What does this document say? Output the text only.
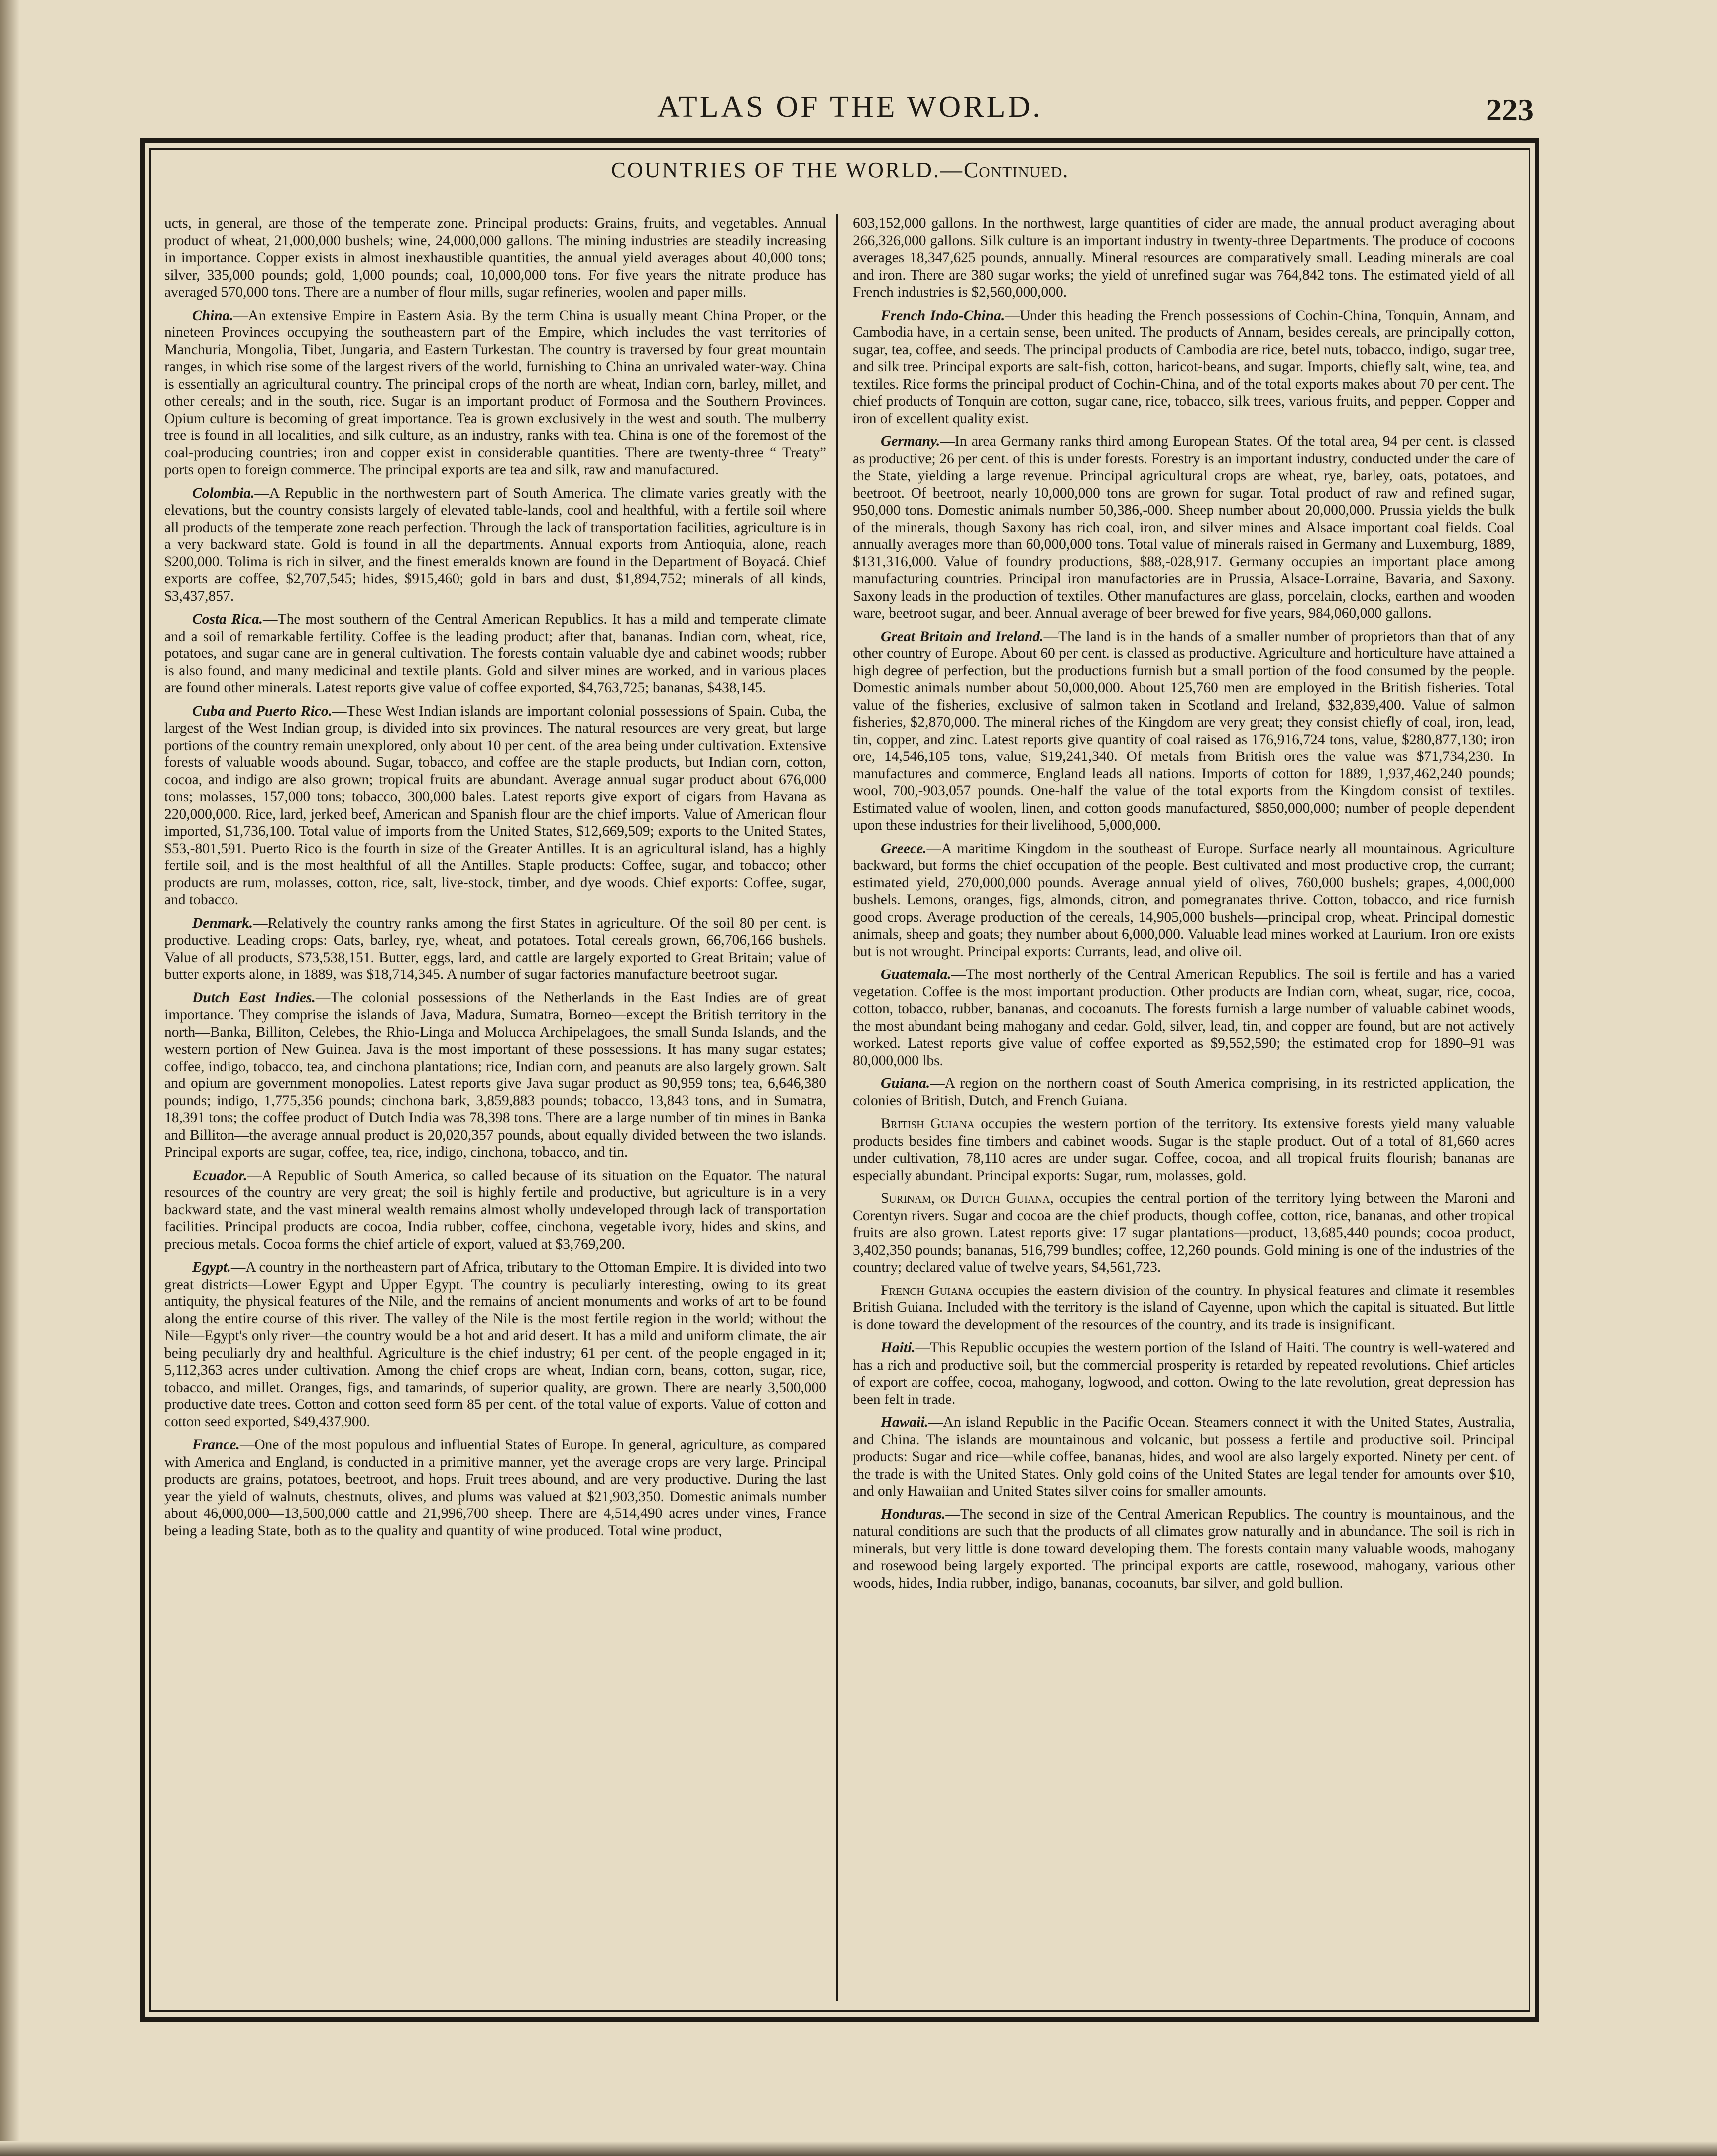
ATLAS OF THE WORLD.	223
COUNTRIES OF THE WORLD.—Continued.

ucts, in general, are those of the temperate zone. Principal products: Grains, fruits, and vegetables. Annual product of wheat, 21,000,000 bushels; wine, 24,000,000 gallons. The mining industries are steadily increasing in importance. Copper exists in almost inexhaustible quantities, the annual yield averages about 40,000 tons; silver, 335,000 pounds; gold, 1,000 pounds; coal, 10,000,000 tons. For five years the nitrate produce has averaged 570,000 tons. There are a number of flour mills, sugar refineries, woolen and paper mills.

China.—An extensive Empire in Eastern Asia. By the term China is usually meant China Proper, or the nineteen Provinces occupying the southeastern part of the Empire, which includes the vast territories of Manchuria, Mongolia, Tibet, Jungaria, and Eastern Turkestan. The country is traversed by four great mountain ranges, in which rise some of the largest rivers of the world, furnishing to China an unrivaled water-way. China is essentially an agricultural country. The principal crops of the north are wheat, Indian corn, barley, millet, and other cereals; and in the south, rice. Sugar is an important product of Formosa and the Southern Provinces. Opium culture is becoming of great importance. Tea is grown exclusively in the west and south. The mulberry tree is found in all localities, and silk culture, as an industry, ranks with tea. China is one of the foremost of the coal-producing countries; iron and copper exist in considerable quantities. There are twenty-three “ Treaty” ports open to foreign commerce. The principal exports are tea and silk, raw and manufactured.

Colombia.—A Republic in the northwestern part of South America. The climate varies greatly with the elevations, but the country consists largely of elevated table-lands, cool and healthful, with a fertile soil where all products of the temperate zone reach perfection. Through the lack of transportation facilities, agriculture is in a very backward state. Gold is found in all the departments. Annual exports from Antioquia, alone, reach $200,000. Tolima is rich in silver, and the finest emeralds known are found in the Department of Boyacá. Chief exports are coffee, $2,707,545; hides, $915,460; gold in bars and dust, $1,894,752; minerals of all kinds, $3,437,857.

Costa Rica.—The most southern of the Central American Republics. It has a mild and temperate climate and a soil of remarkable fertility. Coffee is the leading product; after that, bananas. Indian corn, wheat, rice, potatoes, and sugar cane are in general cultivation. The forests contain valuable dye and cabinet woods; rubber is also found, and many medicinal and textile plants. Gold and silver mines are worked, and in various places are found other minerals. Latest reports give value of coffee exported, $4,763,725; bananas, $438,145.

Cuba and Puerto Rico.—These West Indian islands are important colonial possessions of Spain. Cuba, the largest of the West Indian group, is divided into six provinces. The natural resources are very great, but large portions of the country remain unexplored, only about 10 per cent. of the area being under cultivation. Extensive forests of valuable woods abound. Sugar, tobacco, and coffee are the staple products, but Indian corn, cotton, cocoa, and indigo are also grown; tropical fruits are abundant. Average annual sugar product about 676,000 tons; molasses, 157,000 tons; tobacco, 300,000 bales. Latest reports give export of cigars from Havana as 220,000,000. Rice, lard, jerked beef, American and Spanish flour are the chief imports. Value of American flour imported, $1,736,100. Total value of imports from the United States, $12,669,509; exports to the United States, $53,-801,591. Puerto Rico is the fourth in size of the Greater Antilles. It is an agricultural island, has a highly fertile soil, and is the most healthful of all the Antilles. Staple products: Coffee, sugar, and tobacco; other products are rum, molasses, cotton, rice, salt, live-stock, timber, and dye woods. Chief exports: Coffee, sugar, and tobacco.

Denmark.—Relatively the country ranks among the first States in agriculture. Of the soil 80 per cent. is productive. Leading crops: Oats, barley, rye, wheat, and potatoes. Total cereals grown, 66,706,166 bushels. Value of all products, $73,538,151. Butter, eggs, lard, and cattle are largely exported to Great Britain; value of butter exports alone, in 1889, was $18,714,345. A number of sugar factories manufacture beetroot sugar.

Dutch East Indies.—The colonial possessions of the Netherlands in the East Indies are of great importance. They comprise the islands of Java, Madura, Sumatra, Borneo—except the British territory in the north—Banka, Billiton, Celebes, the Rhio-Linga and Molucca Archipelagoes, the small Sunda Islands, and the western portion of New Guinea. Java is the most important of these possessions. It has many sugar estates; coffee, indigo, tobacco, tea, and cinchona plantations; rice, Indian corn, and peanuts are also largely grown. Salt and opium are government monopolies. Latest reports give Java sugar product as 90,959 tons; tea, 6,646,380 pounds; indigo, 1,775,356 pounds; cinchona bark, 3,859,883 pounds; tobacco, 13,843 tons, and in Sumatra, 18,391 tons; the coffee product of Dutch India was 78,398 tons. There are a large number of tin mines in Banka and Billiton—the average annual product is 20,020,357 pounds, about equally divided between the two islands. Principal exports are sugar, coffee, tea, rice, indigo, cinchona, tobacco, and tin.

Ecuador.—A Republic of South America, so called because of its situation on the Equator. The natural resources of the country are very great; the soil is highly fertile and productive, but agriculture is in a very backward state, and the vast mineral wealth remains almost wholly undeveloped through lack of transportation facilities. Principal products are cocoa, India rubber, coffee, cinchona, vegetable ivory, hides and skins, and precious metals. Cocoa forms the chief article of export, valued at $3,769,200.

Egypt.—A country in the northeastern part of Africa, tributary to the Ottoman Empire. It is divided into two great districts—Lower Egypt and Upper Egypt. The country is peculiarly interesting, owing to its great antiquity, the physical features of the Nile, and the remains of ancient monuments and works of art to be found along the entire course of this river. The valley of the Nile is the most fertile region in the world; without the Nile—Egypt's only river—the country would be a hot and arid desert. It has a mild and uniform climate, the air being peculiarly dry and healthful. Agriculture is the chief industry; 61 per cent. of the people engaged in it; 5,112,363 acres under cultivation. Among the chief crops are wheat, Indian corn, beans, cotton, sugar, rice, tobacco, and millet. Oranges, figs, and tamarinds, of superior quality, are grown. There are nearly 3,500,000 productive date trees. Cotton and cotton seed form 85 per cent. of the total value of exports. Value of cotton and cotton seed exported, $49,437,900.

France.—One of the most populous and influential States of Europe. In general, agriculture, as compared with America and England, is conducted in a primitive manner, yet the average crops are very large. Principal products are grains, potatoes, beetroot, and hops. Fruit trees abound, and are very productive. During the last year the yield of walnuts, chestnuts, olives, and plums was valued at $21,903,350. Domestic animals number about 46,000,000—13,500,000 cattle and 21,996,700 sheep. There are 4,514,490 acres under vines, France being a leading State, both as to the quality and quantity of wine produced. Total wine product,

603,152,000 gallons. In the northwest, large quantities of cider are made, the annual product averaging about 266,326,000 gallons. Silk culture is an important industry in twenty-three Departments. The produce of cocoons averages 18,347,625 pounds, annually. Mineral resources are comparatively small. Leading minerals are coal and iron. There are 380 sugar works; the yield of unrefined sugar was 764,842 tons. The estimated yield of all French industries is $2,560,000,000.

French Indo-China.—Under this heading the French possessions of Cochin-China, Tonquin, Annam, and Cambodia have, in a certain sense, been united. The products of Annam, besides cereals, are principally cotton, sugar, tea, coffee, and seeds. The principal products of Cambodia are rice, betel nuts, tobacco, indigo, sugar tree, and silk tree. Principal exports are salt-fish, cotton, haricot-beans, and sugar. Imports, chiefly salt, wine, tea, and textiles. Rice forms the principal product of Cochin-China, and of the total exports makes about 70 per cent. The chief products of Tonquin are cotton, sugar cane, rice, tobacco, silk trees, various fruits, and pepper. Copper and iron of excellent quality exist.

Germany.—In area Germany ranks third among European States. Of the total area, 94 per cent. is classed as productive; 26 per cent. of this is under forests. Forestry is an important industry, conducted under the care of the State, yielding a large revenue. Principal agricultural crops are wheat, rye, barley, oats, potatoes, and beetroot. Of beetroot, nearly 10,000,000 tons are grown for sugar. Total product of raw and refined sugar, 950,000 tons. Domestic animals number 50,386,-000. Sheep number about 20,000,000. Prussia yields the bulk of the minerals, though Saxony has rich coal, iron, and silver mines and Alsace important coal fields. Coal annually averages more than 60,000,000 tons. Total value of minerals raised in Germany and Luxemburg, 1889, $131,316,000. Value of foundry productions, $88,-028,917. Germany occupies an important place among manufacturing countries. Principal iron manufactories are in Prussia, Alsace-Lorraine, Bavaria, and Saxony. Saxony leads in the production of textiles. Other manufactures are glass, porcelain, clocks, earthen and wooden ware, beetroot sugar, and beer. Annual average of beer brewed for five years, 984,060,000 gallons.

Great Britain and Ireland.—The land is in the hands of a smaller number of proprietors than that of any other country of Europe. About 60 per cent. is classed as productive. Agriculture and horticulture have attained a high degree of perfection, but the productions furnish but a small portion of the food consumed by the people. Domestic animals number about 50,000,000. About 125,760 men are employed in the British fisheries. Total value of the fisheries, exclusive of salmon taken in Scotland and Ireland, $32,839,400. Value of salmon fisheries, $2,870,000. The mineral riches of the Kingdom are very great; they consist chiefly of coal, iron, lead, tin, copper, and zinc. Latest reports give quantity of coal raised as 176,916,724 tons, value, $280,877,130; iron ore, 14,546,105 tons, value, $19,241,340. Of metals from British ores the value was $71,734,230. In manufactures and commerce, England leads all nations. Imports of cotton for 1889, 1,937,462,240 pounds; wool, 700,-903,057 pounds. One-half the value of the total exports from the Kingdom consist of textiles. Estimated value of woolen, linen, and cotton goods manufactured, $850,000,000; number of people dependent upon these industries for their livelihood, 5,000,000.

Greece.—A maritime Kingdom in the southeast of Europe. Surface nearly all mountainous. Agriculture backward, but forms the chief occupation of the people. Best cultivated and most productive crop, the currant; estimated yield, 270,000,000 pounds. Average annual yield of olives, 760,000 bushels; grapes, 4,000,000 bushels. Lemons, oranges, figs, almonds, citron, and pomegranates thrive. Cotton, tobacco, and rice furnish good crops. Average production of the cereals, 14,905,000 bushels—principal crop, wheat. Principal domestic animals, sheep and goats; they number about 6,000,000. Valuable lead mines worked at Laurium. Iron ore exists but is not wrought. Principal exports: Currants, lead, and olive oil.

Guatemala.—The most northerly of the Central American Republics. The soil is fertile and has a varied vegetation. Coffee is the most important production. Other products are Indian corn, wheat, sugar, rice, cocoa, cotton, tobacco, rubber, bananas, and cocoanuts. The forests furnish a large number of valuable cabinet woods, the most abundant being mahogany and cedar. Gold, silver, lead, tin, and copper are found, but are not actively worked. Latest reports give value of coffee exported as $9,552,590; the estimated crop for 1890–91 was 80,000,000 lbs.

Guiana.—A region on the northern coast of South America comprising, in its restricted application, the colonies of British, Dutch, and French Guiana.

British Guiana occupies the western portion of the territory. Its extensive forests yield many valuable products besides fine timbers and cabinet woods. Sugar is the staple product. Out of a total of 81,660 acres under cultivation, 78,110 acres are under sugar. Coffee, cocoa, and all tropical fruits flourish; bananas are especially abundant. Principal exports: Sugar, rum, molasses, gold.

Surinam, or Dutch Guiana, occupies the central portion of the territory lying between the Maroni and Corentyn rivers. Sugar and cocoa are the chief products, though coffee, cotton, rice, bananas, and other tropical fruits are also grown. Latest reports give: 17 sugar plantations—product, 13,685,440 pounds; cocoa product, 3,402,350 pounds; bananas, 516,799 bundles; coffee, 12,260 pounds. Gold mining is one of the industries of the country; declared value of twelve years, $4,561,723.

French Guiana occupies the eastern division of the country. In physical features and climate it resembles British Guiana. Included with the territory is the island of Cayenne, upon which the capital is situated. But little is done toward the development of the resources of the country, and its trade is insignificant.

Haiti.—This Republic occupies the western portion of the Island of Haiti. The country is well-watered and has a rich and productive soil, but the commercial prosperity is retarded by repeated revolutions. Chief articles of export are coffee, cocoa, mahogany, logwood, and cotton. Owing to the late revolution, great depression has been felt in trade.

Hawaii.—An island Republic in the Pacific Ocean. Steamers connect it with the United States, Australia, and China. The islands are mountainous and volcanic, but possess a fertile and productive soil. Principal products: Sugar and rice—while coffee, bananas, hides, and wool are also largely exported. Ninety per cent. of the trade is with the United States. Only gold coins of the United States are legal tender for amounts over $10, and only Hawaiian and United States silver coins for smaller amounts.

Honduras.—The second in size of the Central American Republics. The country is mountainous, and the natural conditions are such that the products of all climates grow naturally and in abundance. The soil is rich in minerals, but very little is done toward developing them. The forests contain many valuable woods, mahogany and rosewood being largely exported. The principal exports are cattle, rosewood, mahogany, various other woods, hides, India rubber, indigo, bananas, cocoanuts, bar silver, and gold bullion.
